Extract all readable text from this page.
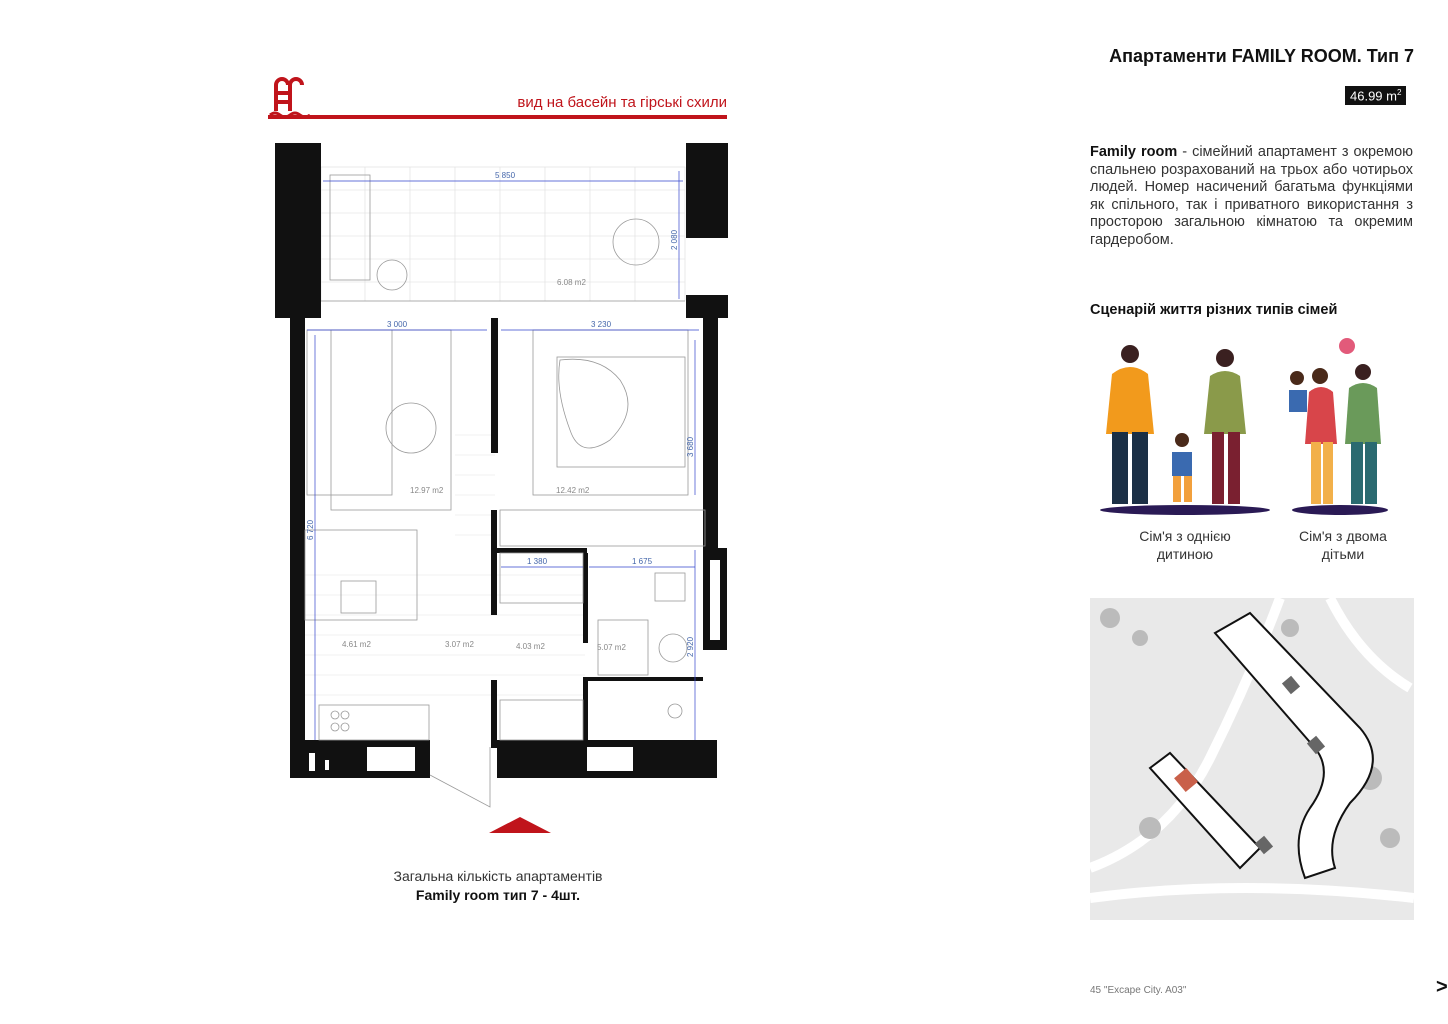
вид на басейн та гірські схили
5 850
2 080
3 000	3 230
3 680
6 720
1 380	1 675
2 920
6.08 m2
12.97 m2	12.42 m2
4.61 m2	3.07 m2	4.03 m2	5.07 m2
Загальна кількість апартаментів
Family room тип 7 - 4шт.
Апартаменти FAMILY ROOM. Тип 7
46.99 $m^2$
Family room - сімейний апартамент з окремою спальнею розрахований на трьох або чотирьох людей. Номер насичений багатьма функціями як спільного, так і приватного використання з просторою загальною кімнатою та окремим гардеробом.
Сценарій життя різних типів сімей
Сім'я з однією
дитиною
Сім'я з двома
дітьми
45 "Excape City. A03"	>
